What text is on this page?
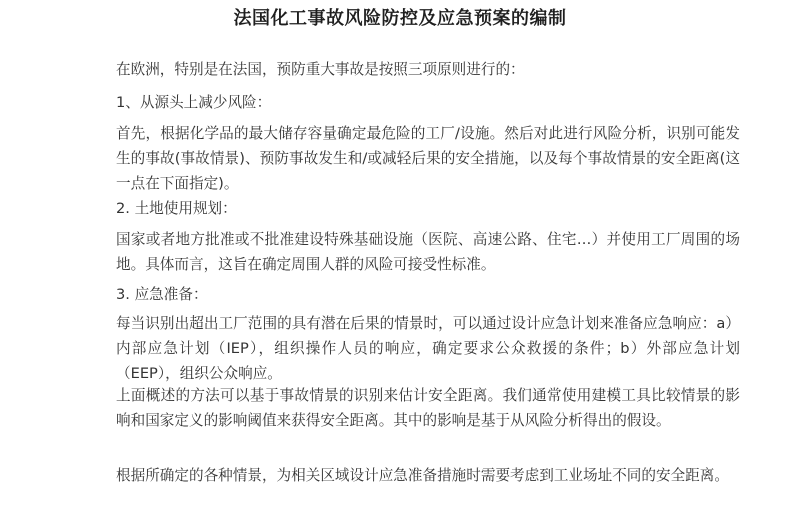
法国化工事故风险防控及应急预案的编制

在欧洲，特别是在法国，预防重大事故是按照三项原则进行的：

1、从源头上减少风险：

首先，根据化学品的最大储存容量确定最危险的工厂/设施。然后对此进行风险分析，识别可能发生的事故(事故情景)、预防事故发生和/或减轻后果的安全措施，以及每个事故情景的安全距离(这一点在下面指定)。

2. 土地使用规划：

国家或者地方批准或不批准建设特殊基础设施（医院、高速公路、住宅…）并使用工厂周围的场地。具体而言，这旨在确定周围人群的风险可接受性标准。

3. 应急准备：

每当识别出超出工厂范围的具有潜在后果的情景时，可以通过设计应急计划来准备应急响应：a）内部应急计划（IEP），组织操作人员的响应，确定要求公众救援的条件；b）外部应急计划（EEP），组织公众响应。

上面概述的方法可以基于事故情景的识别来估计安全距离。我们通常使用建模工具比较情景的影响和国家定义的影响阈值来获得安全距离。其中的影响是基于从风险分析得出的假设。

根据所确定的各种情景，为相关区域设计应急准备措施时需要考虑到工业场址不同的安全距离。
